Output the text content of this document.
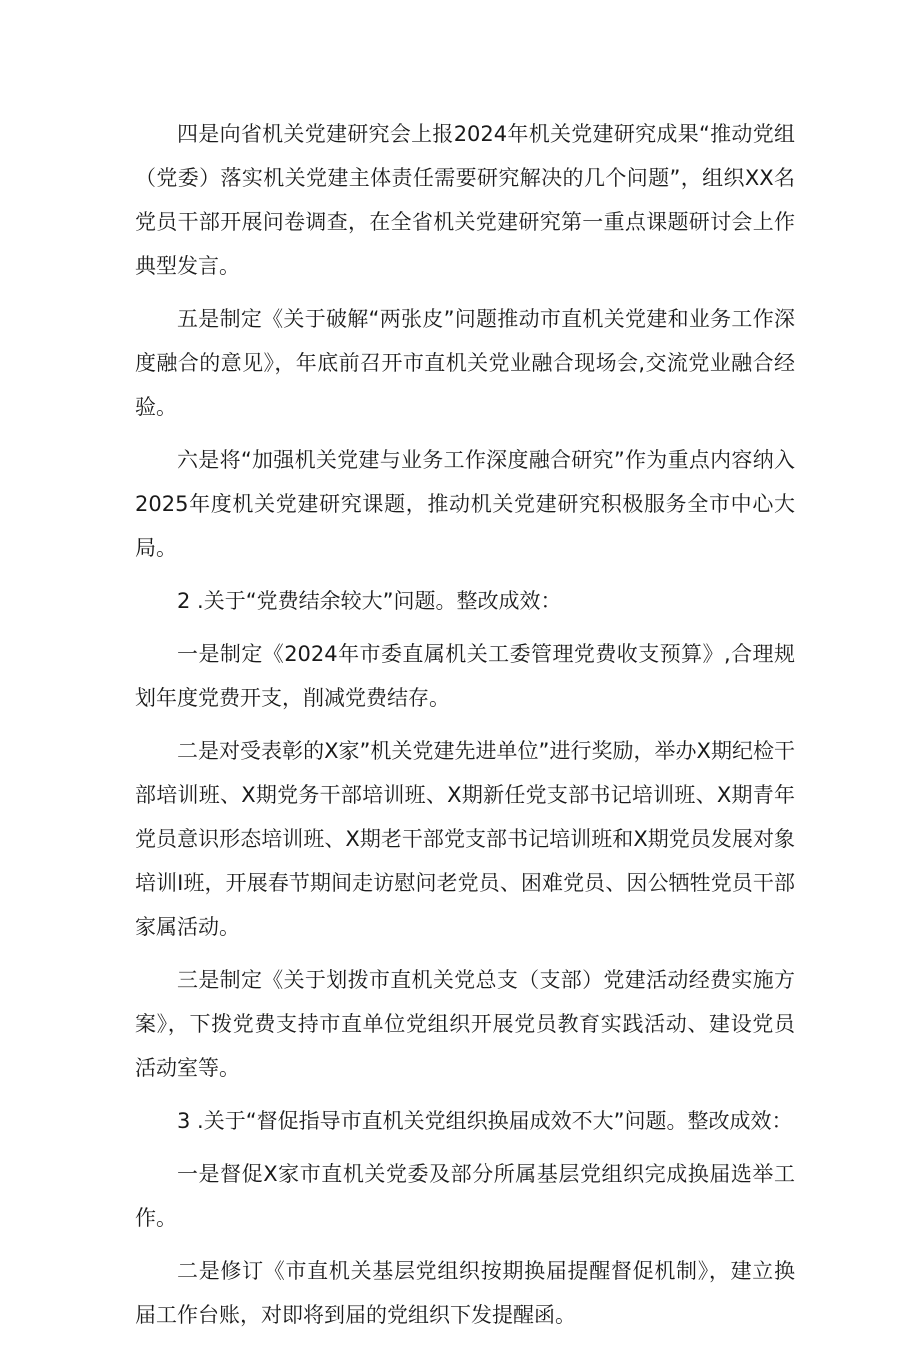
四是向省机关党建研究会上报2024年机关党建研究成果“推动党组（党委）落实机关党建主体责任需要研究解决的几个问题”，组织XX名党员干部开展问卷调查，在全省机关党建研究第一重点课题研讨会上作典型发言。

五是制定《关于破解“两张皮”问题推动市直机关党建和业务工作深度融合的意见》，年底前召开市直机关党业融合现场会,交流党业融合经验。

六是将“加强机关党建与业务工作深度融合研究”作为重点内容纳入2025年度机关党建研究课题，推动机关党建研究积极服务全市中心大局。

2 .关于“党费结余较大”问题。整改成效：

一是制定《2024年市委直属机关工委管理党费收支预算》,合理规划年度党费开支，削减党费结存。

二是对受表彰的X家”机关党建先进单位”进行奖励，举办X期纪检干部培训班、X期党务干部培训班、X期新任党支部书记培训班、X期青年党员意识形态培训班、X期老干部党支部书记培训班和X期党员发展对象培训I班，开展春节期间走访慰问老党员、困难党员、因公牺牲党员干部家属活动。

三是制定《关于划拨市直机关党总支（支部）党建活动经费实施方案》，下拨党费支持市直单位党组织开展党员教育实践活动、建设党员活动室等。

3 .关于“督促指导市直机关党组织换届成效不大”问题。整改成效：

一是督促X家市直机关党委及部分所属基层党组织完成换届选举工作。

二是修订《市直机关基层党组织按期换届提醒督促机制》，建立换届工作台账，对即将到届的党组织下发提醒函。
